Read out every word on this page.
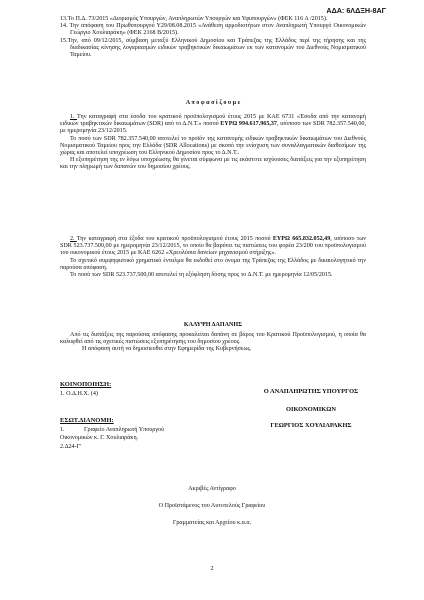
ΑΔΑ: 6ΛΔΞΗ-8ΑΓ

13.Το Π.Δ. 73/2015 «Διορισμός Υπουργών, Αναπληρωτών Υπουργών και Υφυπουργών» (ΦΕΚ 116 Α /2015).

14. Την απόφαση του Πρωθυπουργού Υ29/08.08.2015 «Ανάθεση αρμοδιοτήτων στον Αναπληρωτή Υπουργό Οικονομικών Γεώργιο Χουλιαράκη» (ΦΕΚ 2168 Β/2015).

15.Την, από 09/12/2015, σύμβαση μεταξύ Ελληνικού Δημοσίου και Τράπεζας της Ελλάδος περί της τήρησης και της διαδικασίας κίνησης λογαριασμών ειδικών τραβηκτικών δικαιωμάτων εκ των κατανομών του Διεθνούς Νομισματικού Ταμείου.

Α π ο φ α σ ί ζ ο υ μ ε

1. Την καταγραφή στα έσοδα του κρατικού προϋπολογισμού έτους 2015 με ΚΑΕ 6731 «Έσοδα από την κατανομή ειδικών τραβηκτικών δικαιωμάτων (SDR) από το Δ.Ν.Τ.» ποσού ΕΥΡΩ 994.617.965,37, ισόποσο των SDR 782.357.540,00, με ημερομηνία 23/12/2015.

Το ποσό των SDR 782.357.540,00 αποτελεί το προϊόν της κατανομής ειδικών τραβηκτικών δικαιωμάτων του Διεθνούς Νομισματικού Ταμείου προς την Ελλάδα (SDR Allocations) με σκοπό την ενίσχυση των συναλλαγματικών διαθεσίμων της χώρας και αποτελεί υποχρέωση του Ελληνικού Δημοσίου προς το Δ.Ν.Τ..

Η εξυπηρέτηση της εν λόγω υποχρέωσης θα γίνεται σύμφωνα με τις εκάστοτε ισχύουσες διατάξεις για την εξυπηρέτηση και την πληρωμή των δαπανών του δημοσίου χρέους.

2. Την καταγραφή στα έξοδα του κρατικού προϋπολογισμού έτους 2015 ποσού ΕΥΡΩ 665.832.052,49, ισόποσο των SDR 523.737.500,00 με ημερομηνία 23/12/2015, το οποίο θα βαρύνει τις πιστώσεις του φορέα 23/200 του προϋπολογισμού του οικονομικού έτους 2015 με ΚΑΕ 6262 «Χρεολύσια δανείων μηχανισμού στήριξης».

Το σχετικό συμψηφιστικό χρηματικό ένταλμα θα εκδοθεί στο όνομα της Τράπεζας της Ελλάδος με δικαιολογητικό την παρούσα απόφαση.

Το ποσό των SDR 523.737.500,00 αποτελεί τη εξόφληση δόσης προς το Δ.Ν.Τ. με ημερομηνία 12/05/2015.

ΚΑΛΥΨΗ ΔΑΠΑΝΗΣ

Από τις διατάξεις της παρούσας απόφασης προκαλείται δαπάνη σε βάρος του Κρατικού Προϋπολογισμού, η οποία θα καλυφθεί από τις σχετικές πιστώσεις εξυπηρέτησης του δημοσίου χρέους.

Η απόφαση αυτή να δημοσιευθεί στην Εφημερίδα της Κυβερνήσεως.

ΚΟΙΝΟΠΟΙΗΣΗ:
1. Ο.Δ.Η.Χ. (4)
ΕΣΩΤ.ΔΙΑΝΟΜΗ:
1.	Γραφείο Αναπληρωτή Υπουργού
Οικονομικών κ. Γ. Χουλιαράκη.
2.Δ24-Γ'
Ο ΑΝΑΠΛΗΡΩΤΗΣ ΥΠΟΥΡΓΟΣ
ΟΙΚΟΝΟΜΙΚΩΝ
ΓΕΩΡΓΙΟΣ ΧΟΥΛΙΑΡΑΚΗΣ
Ακριβές Αντίγραφο
Ο Προϊστάμενος του Αυτοτελούς Γραφείου
Γραμματείας και Αρχείου κ.α.α.
2
